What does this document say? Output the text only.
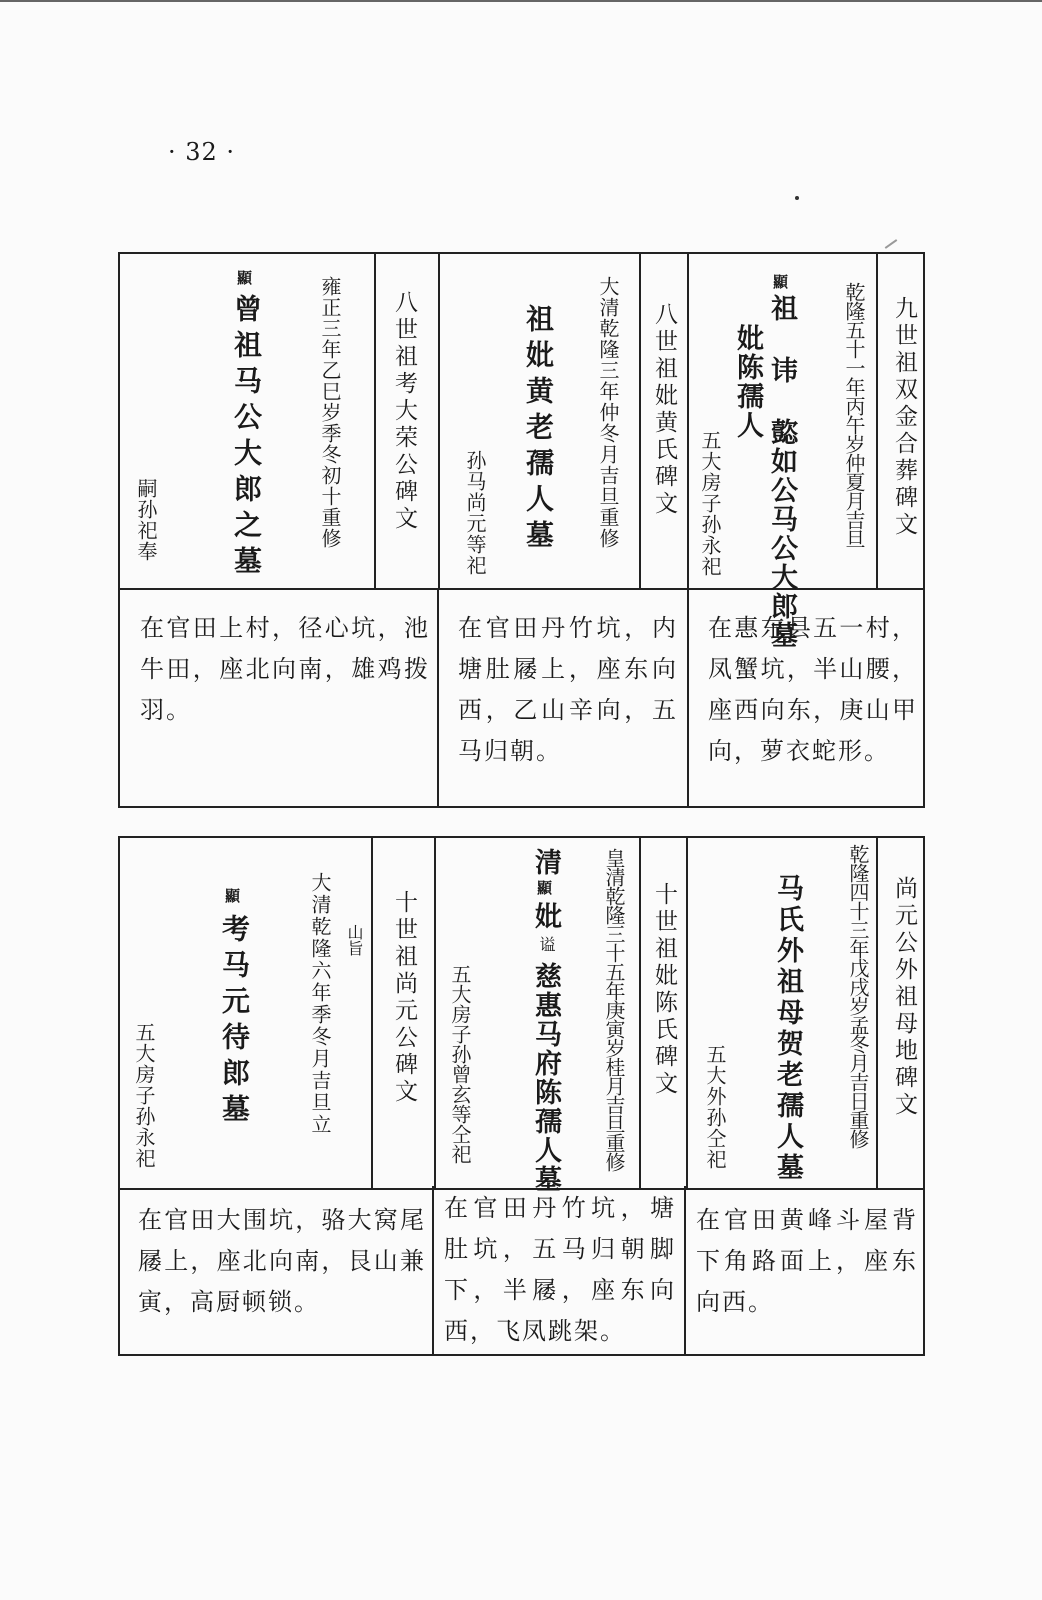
· 32 ·
九世祖双金合葬碑文
乾隆五十一年丙午岁仲夏月吉旦
顯
祖 讳 㦤如公马公大郎墓
妣陈孺人
五大房子孙永祀
八世祖妣黄氏碑文
大清乾隆三年仲冬月吉旦重修
祖妣黄老孺人墓
孙马尚元等祀
八世祖考大荣公碑文
雍正三年乙巳岁季冬初十重修
顯
曾祖马公大郎之墓
嗣孙祀奉
在惠东县五一村，凤蟹坑，半山腰，座西向东，庚山甲向，萝衣蛇形。
在官田丹竹坑，内塘肚㞜上，座东向西，乙山辛向，五马归朝。
在官田上村，径心坑，池牛田，座北向南，雄鸡拨羽。
尚元公外祖母地碑文
乾隆四十三年戊戌岁孟冬月吉日重修
马氏外祖母贺老孺人墓
五大外孙仝祀
十世祖妣陈氏碑文
皇清乾隆三十五年庚寅岁桂月吉旦重修
清
顯
妣
谥
慈惠马府陈孺人墓
五大房子孙曾玄等仝祀
十世祖尚元公碑文
大清乾隆六年季冬月吉旦立 山旨
顯
考马元待郎墓
五大房子孙永祀
在官田黄峰斗屋背下角路面上，座东向西。
在官田丹竹坑，塘肚坑，五马归朝脚下，半㞜，座东向西，飞凤跳架。
在官田大围坑，骆大窝尾㞜上，座北向南，艮山兼寅，高厨顿锁。
